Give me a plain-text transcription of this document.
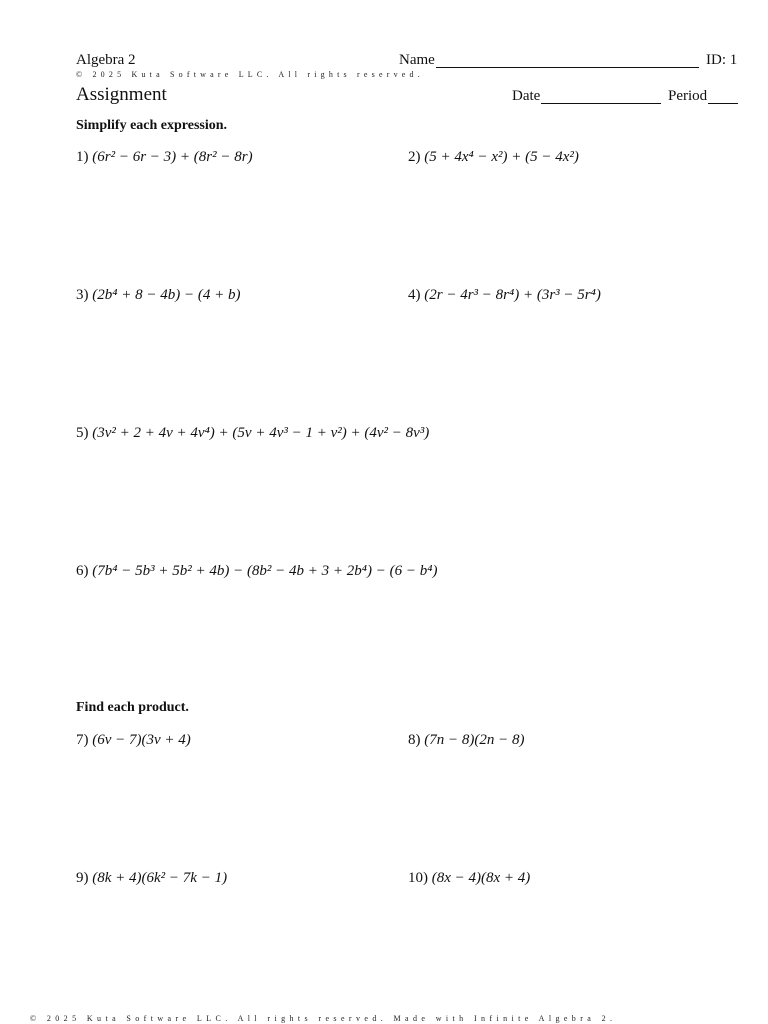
Algebra 2	Name	ID: 1
© 2025 Kuta Software LLC. All rights reserved.
Assignment	Date	Period
Simplify each expression.
1) (6r² − 6r − 3) + (8r² − 8r)	2) (5 + 4x⁴ − x²) + (5 − 4x²)
3) (2b⁴ + 8 − 4b) − (4 + b)	4) (2r − 4r³ − 8r⁴) + (3r³ − 5r⁴)
5) (3v² + 2 + 4v + 4v⁴) + (5v + 4v³ − 1 + v²) + (4v² − 8v³)
6) (7b⁴ − 5b³ + 5b² + 4b) − (8b² − 4b + 3 + 2b⁴) − (6 − b⁴)
Find each product.
7) (6v − 7)(3v + 4)	8) (7n − 8)(2n − 8)
9) (8k + 4)(6k² − 7k − 1)	10) (8x − 4)(8x + 4)
© 2025 Kuta Software LLC. All rights reserved. Made with Infinite Algebra 2.
